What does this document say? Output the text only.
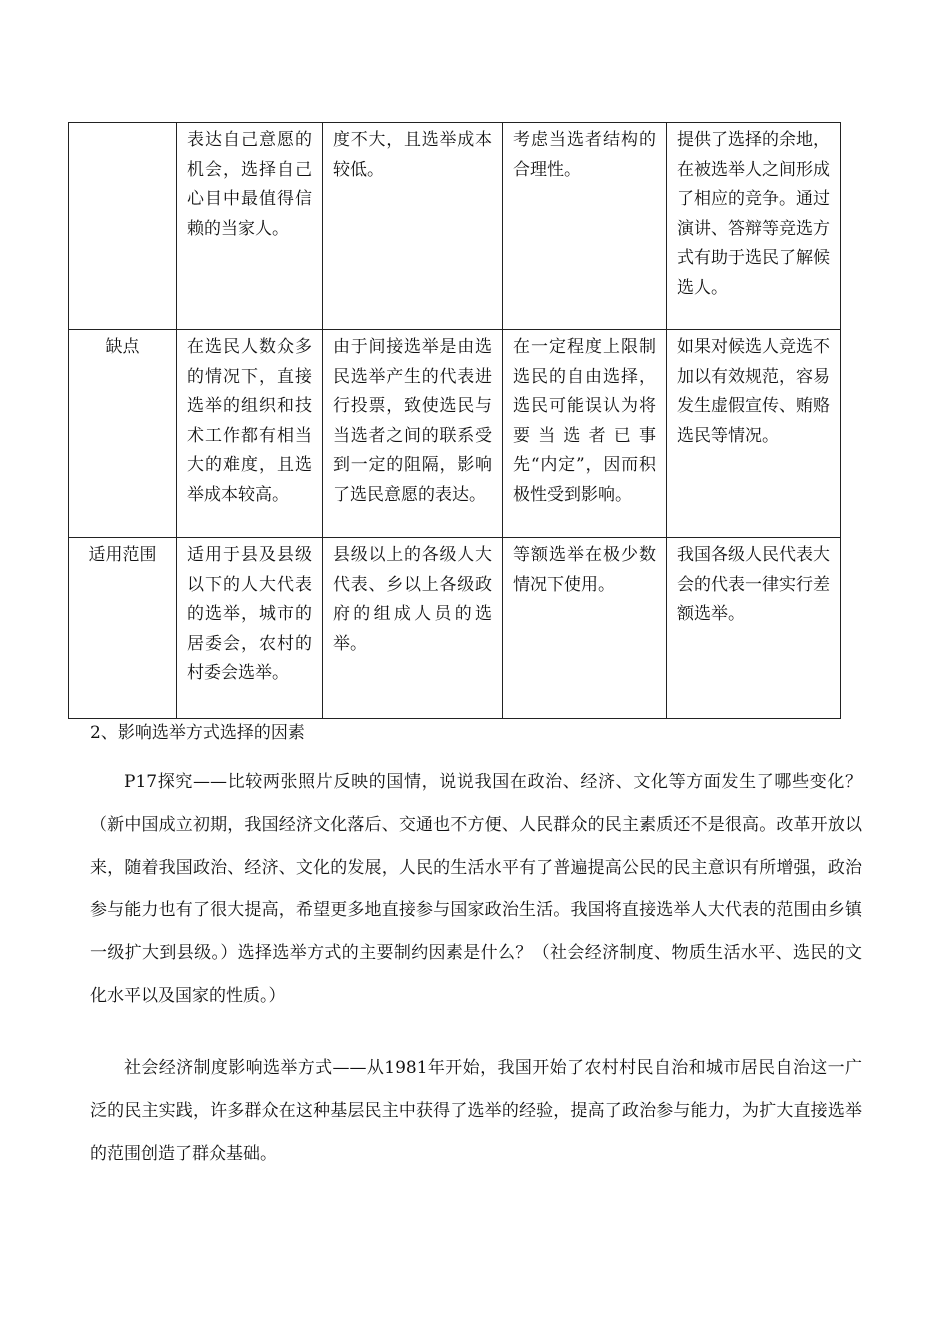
	表达自己意愿的机会，选择自己心目中最值得信赖的当家人。	度不大，且选举成本较低。	考虑当选者结构的合理性。	提供了选择的余地，在被选举人之间形成了相应的竞争。通过演讲、答辩等竞选方式有助于选民了解候选人。
缺点	在选民人数众多的情况下，直接选举的组织和技术工作都有相当大的难度，且选举成本较高。	由于间接选举是由选民选举产生的代表进行投票，致使选民与当选者之间的联系受到一定的阻隔，影响了选民意愿的表达。	在一定程度上限制选民的自由选择，选民可能误认为将要当选者已事先“内定”，因而积极性受到影响。	如果对候选人竞选不加以有效规范，容易发生虚假宣传、贿赂选民等情况。
适用范围	适用于县及县级以下的人大代表的选举，城市的居委会，农村的村委会选举。	县级以上的各级人大代表、乡以上各级政府的组成人员的选举。	等额选举在极少数情况下使用。	我国各级人民代表大会的代表一律实行差额选举。
2、影响选举方式选择的因素

P17探究——比较两张照片反映的国情，说说我国在政治、经济、文化等方面发生了哪些变化？（新中国成立初期，我国经济文化落后、交通也不方便、人民群众的民主素质还不是很高。改革开放以来，随着我国政治、经济、文化的发展，人民的生活水平有了普遍提高公民的民主意识有所增强，政治参与能力也有了很大提高，希望更多地直接参与国家政治生活。我国将直接选举人大代表的范围由乡镇一级扩大到县级。）选择选举方式的主要制约因素是什么？（社会经济制度、物质生活水平、选民的文化水平以及国家的性质。）

社会经济制度影响选举方式——从1981年开始，我国开始了农村村民自治和城市居民自治这一广泛的民主实践，许多群众在这种基层民主中获得了选举的经验，提高了政治参与能力，为扩大直接选举的范围创造了群众基础。
